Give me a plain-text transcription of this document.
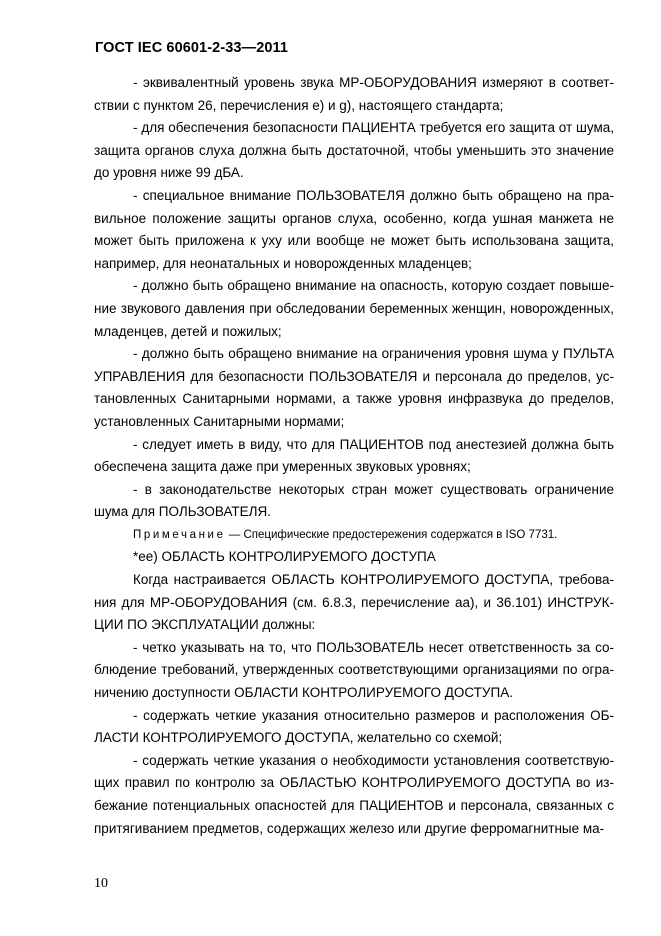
ГОСТ IEC 60601-2-33—2011

- эквивалентный уровень звука МР-ОБОРУДОВАНИЯ измеряют в соответствии с пунктом 26, перечисления е) и g), настоящего стандарта;

- для обеспечения безопасности ПАЦИЕНТА требуется его защита от шума, защита органов слуха должна быть достаточной, чтобы уменьшить это значение до уровня ниже 99 дБА.

- специальное внимание ПОЛЬЗОВАТЕЛЯ должно быть обращено на правильное положение защиты органов слуха, особенно, когда ушная манжета не может быть приложена к уху или вообще не может быть использована защита, например, для неонатальных и новорожденных младенцев;

- должно быть обращено внимание на опасность, которую создает повышение звукового давления при обследовании беременных женщин, новорожденных, младенцев, детей и пожилых;

- должно быть обращено внимание на ограничения уровня шума у ПУЛЬТА УПРАВЛЕНИЯ для безопасности ПОЛЬЗОВАТЕЛЯ и персонала до пределов, установленных Санитарными нормами, а также уровня инфразвука до пределов, установленных Санитарными нормами;

- следует иметь в виду, что для ПАЦИЕНТОВ под анестезией должна быть обеспечена защита даже при умеренных звуковых уровнях;

- в законодательстве некоторых стран может существовать ограничение шума для ПОЛЬЗОВАТЕЛЯ.

Примечание — Специфические предостережения содержатся в ISO 7731.

*ее) ОБЛАСТЬ КОНТРОЛИРУЕМОГО ДОСТУПА

Когда настраивается ОБЛАСТЬ КОНТРОЛИРУЕМОГО ДОСТУПА, требования для МР-ОБОРУДОВАНИЯ (см. 6.8.3, перечисление аа), и 36.101) ИНСТРУКЦИИ ПО ЭКСПЛУАТАЦИИ должны:

- четко указывать на то, что ПОЛЬЗОВАТЕЛЬ несет ответственность за соблюдение требований, утвержденных соответствующими организациями по ограничению доступности ОБЛАСТИ КОНТРОЛИРУЕМОГО ДОСТУПА.

- содержать четкие указания относительно размеров и расположения ОБЛАСТИ КОНТРОЛИРУЕМОГО ДОСТУПА, желательно со схемой;

- содержать четкие указания о необходимости установления соответствующих правил по контролю за ОБЛАСТЬЮ КОНТРОЛИРУЕМОГО ДОСТУПА во избежание потенциальных опасностей для ПАЦИЕНТОВ и персонала, связанных с притягиванием предметов, содержащих железо или другие ферромагнитные ма-

10
